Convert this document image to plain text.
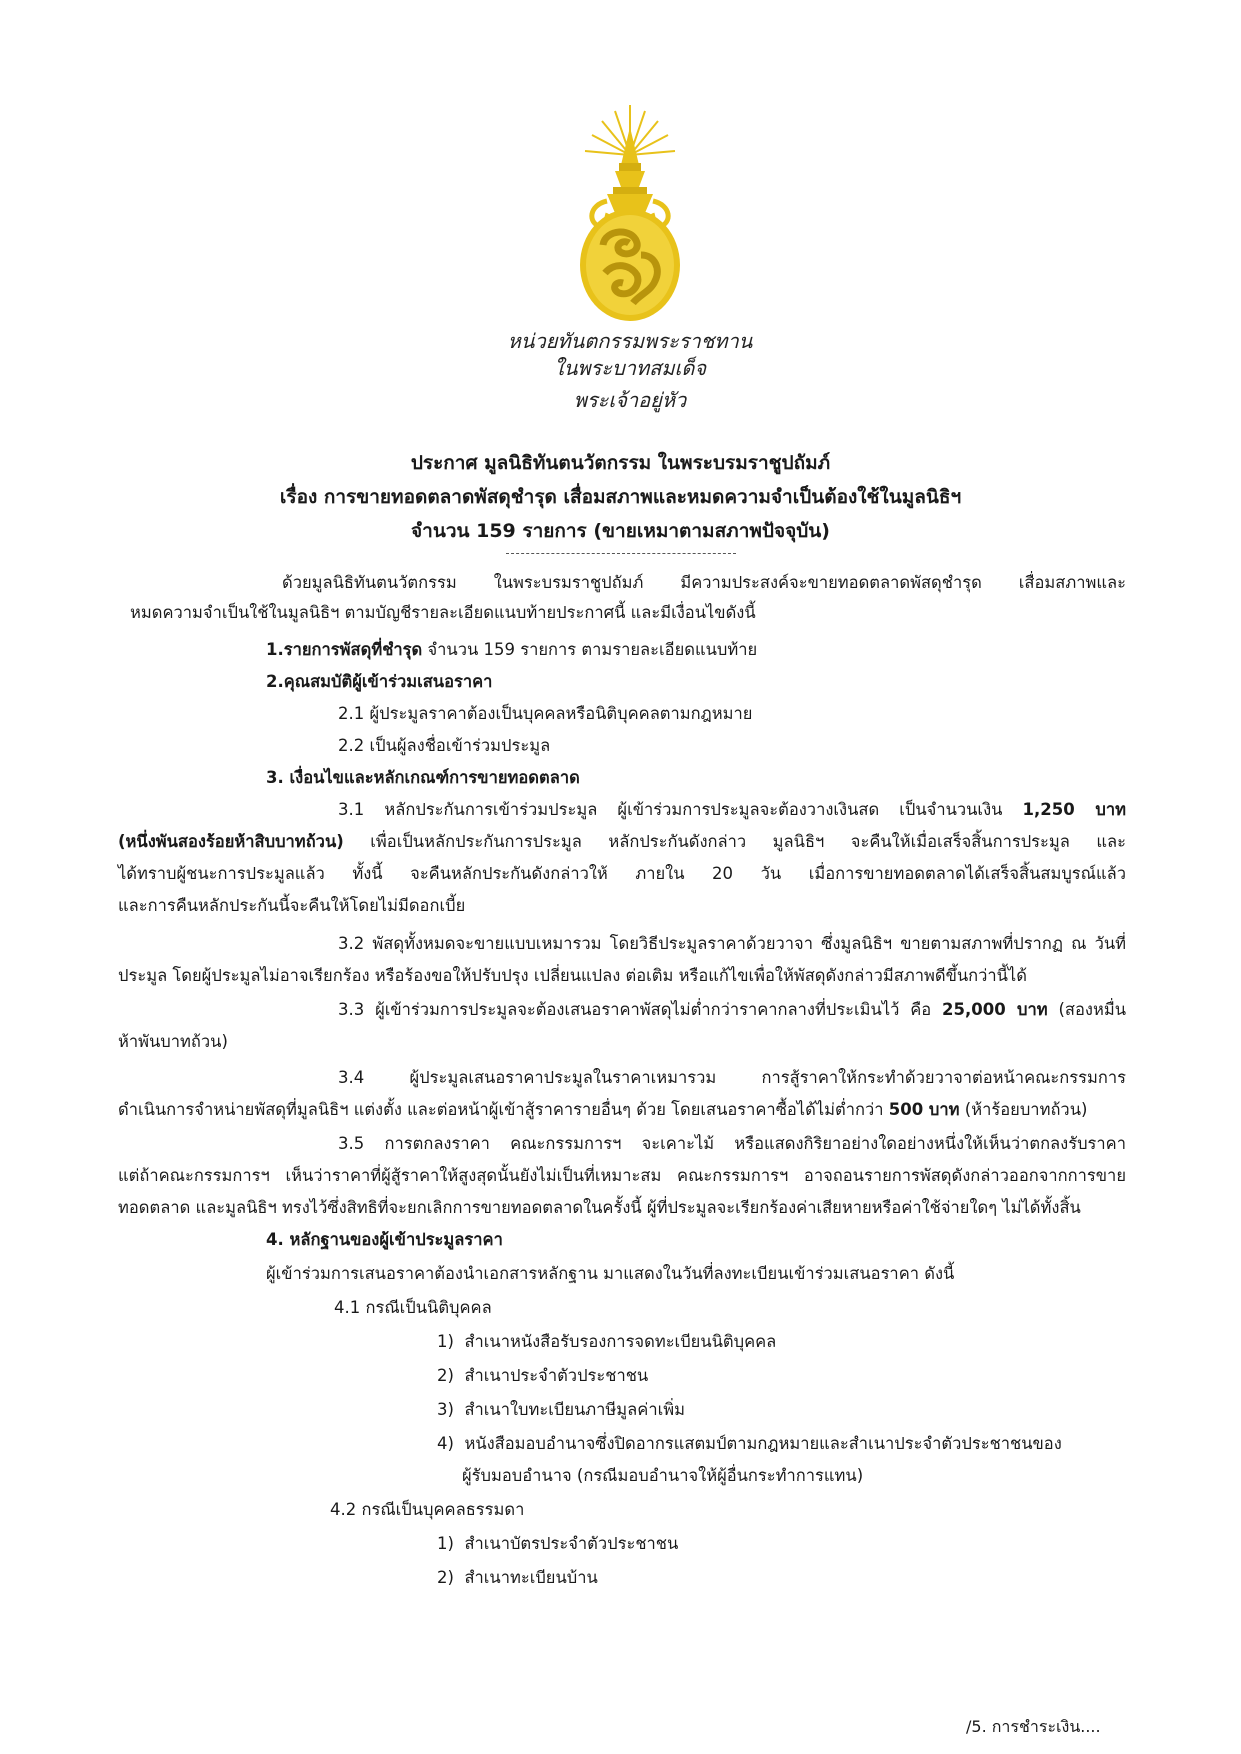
หน่วยทันตกรรมพระราชทาน
ในพระบาทสมเด็จพระเจ้าอยู่หัว
ประกาศ มูลนิธิทันตนวัตกรรม ในพระบรมราชูปถัมภ์
เรื่อง การขายทอดตลาดพัสดุชำรุด เสื่อมสภาพและหมดความจำเป็นต้องใช้ในมูลนิธิฯ
จำนวน 159 รายการ (ขายเหมาตามสภาพปัจจุบัน)
ด้วยมูลนิธิทันตนวัตกรรม ในพระบรมราชูปถัมภ์ มีความประสงค์จะขายทอดตลาดพัสดุชำรุด เสื่อมสภาพและ
หมดความจำเป็นใช้ในมูลนิธิฯ ตามบัญชีรายละเอียดแนบท้ายประกาศนี้ และมีเงื่อนไขดังนี้
1.รายการพัสดุที่ชำรุด จำนวน 159 รายการ ตามรายละเอียดแนบท้าย
2.คุณสมบัติผู้เข้าร่วมเสนอราคา
2.1 ผู้ประมูลราคาต้องเป็นบุคคลหรือนิติบุคคลตามกฎหมาย
2.2 เป็นผู้ลงชื่อเข้าร่วมประมูล
3. เงื่อนไขและหลักเกณฑ์การขายทอดตลาด
3.1 หลักประกันการเข้าร่วมประมูล ผู้เข้าร่วมการประมูลจะต้องวางเงินสด เป็นจำนวนเงิน 1,250 บาท
(หนึ่งพันสองร้อยห้าสิบบาทถ้วน) เพื่อเป็นหลักประกันการประมูล หลักประกันดังกล่าว มูลนิธิฯ จะคืนให้เมื่อเสร็จสิ้นการประมูล และ
ได้ทราบผู้ชนะการประมูลแล้ว ทั้งนี้ จะคืนหลักประกันดังกล่าวให้ ภายใน 20 วัน เมื่อการขายทอดตลาดได้เสร็จสิ้นสมบูรณ์แล้ว
และการคืนหลักประกันนี้จะคืนให้โดยไม่มีดอกเบี้ย
3.2 พัสดุทั้งหมดจะขายแบบเหมารวม โดยวิธีประมูลราคาด้วยวาจา ซึ่งมูลนิธิฯ ขายตามสภาพที่ปรากฏ ณ วันที่
ประมูล โดยผู้ประมูลไม่อาจเรียกร้อง หรือร้องขอให้ปรับปรุง เปลี่ยนแปลง ต่อเติม หรือแก้ไขเพื่อให้พัสดุดังกล่าวมีสภาพดีขึ้นกว่านี้ได้
3.3 ผู้เข้าร่วมการประมูลจะต้องเสนอราคาพัสดุไม่ต่ำกว่าราคากลางที่ประเมินไว้ คือ 25,000 บาท (สองหมื่น
ห้าพันบาทถ้วน)
3.4 ผู้ประมูลเสนอราคาประมูลในราคาเหมารวม การสู้ราคาให้กระทำด้วยวาจาต่อหน้าคณะกรรมการ
ดำเนินการจำหน่ายพัสดุที่มูลนิธิฯ แต่งตั้ง และต่อหน้าผู้เข้าสู้ราคารายอื่นๆ ด้วย โดยเสนอราคาซื้อได้ไม่ต่ำกว่า 500 บาท (ห้าร้อยบาทถ้วน)
3.5 การตกลงราคา คณะกรรมการฯ จะเคาะไม้ หรือแสดงกิริยาอย่างใดอย่างหนึ่งให้เห็นว่าตกลงรับราคา
แต่ถ้าคณะกรรมการฯ เห็นว่าราคาที่ผู้สู้ราคาให้สูงสุดนั้นยังไม่เป็นที่เหมาะสม คณะกรรมการฯ อาจถอนรายการพัสดุดังกล่าวออกจากการขาย
ทอดตลาด และมูลนิธิฯ ทรงไว้ซึ่งสิทธิที่จะยกเลิกการขายทอดตลาดในครั้งนี้ ผู้ที่ประมูลจะเรียกร้องค่าเสียหายหรือค่าใช้จ่ายใดๆ ไม่ได้ทั้งสิ้น
4. หลักฐานของผู้เข้าประมูลราคา
ผู้เข้าร่วมการเสนอราคาต้องนำเอกสารหลักฐาน มาแสดงในวันที่ลงทะเบียนเข้าร่วมเสนอราคา ดังนี้
4.1 กรณีเป็นนิติบุคคล
1) สำเนาหนังสือรับรองการจดทะเบียนนิติบุคคล
2) สำเนาประจำตัวประชาชน
3) สำเนาใบทะเบียนภาษีมูลค่าเพิ่ม
4) หนังสือมอบอำนาจซึ่งปิดอากรแสตมป์ตามกฎหมายและสำเนาประจำตัวประชาชนของ
ผู้รับมอบอำนาจ (กรณีมอบอำนาจให้ผู้อื่นกระทำการแทน)
4.2 กรณีเป็นบุคคลธรรมดา
1) สำเนาบัตรประจำตัวประชาชน
2) สำเนาทะเบียนบ้าน
/5. การชำระเงิน....
